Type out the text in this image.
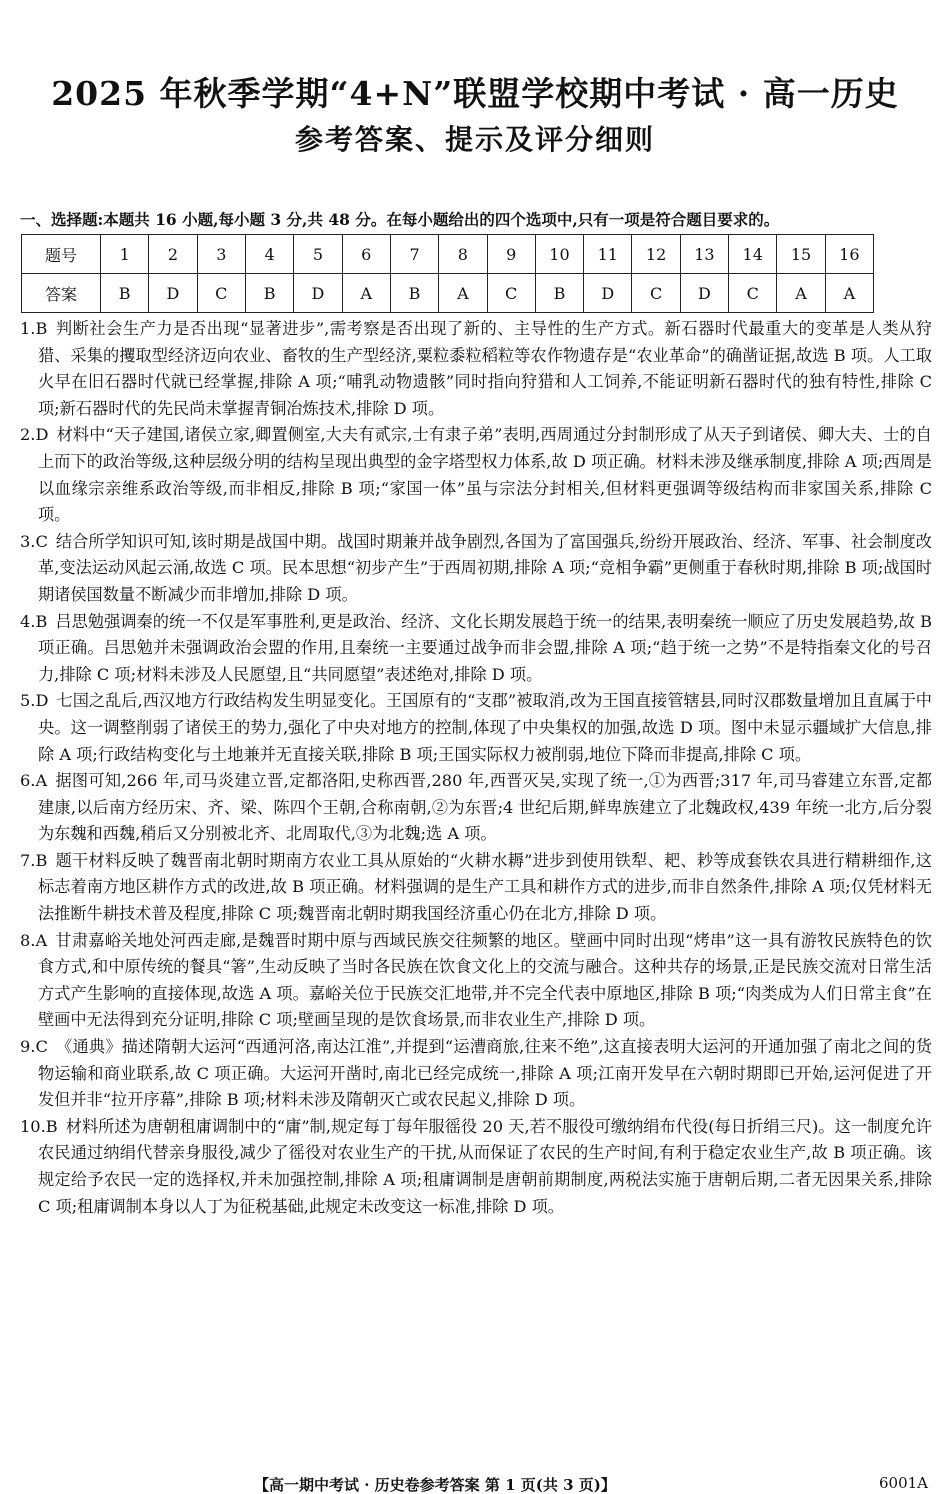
2025 年秋季学期“4+N”联盟学校期中考试 · 高一历史
参考答案、提示及评分细则
一、选择题:本题共 16 小题,每小题 3 分,共 48 分。在每小题给出的四个选项中,只有一项是符合题目要求的。
题号	1	2	3	4	5	6	7	8	9	10	11	12	13	14	15	16
答案	B	D	C	B	D	A	B	A	C	B	D	C	D	C	A	A
1.B 判断社会生产力是否出现“显著进步”,需考察是否出现了新的、主导性的生产方式。新石器时代最重大的变革是人类从狩猎、采集的攫取型经济迈向农业、畜牧的生产型经济,粟粒黍粒稻粒等农作物遗存是“农业革命”的确凿证据,故选 B 项。人工取火早在旧石器时代就已经掌握,排除 A 项;“哺乳动物遗骸”同时指向狩猎和人工饲养,不能证明新石器时代的独有特性,排除 C 项;新石器时代的先民尚未掌握青铜冶炼技术,排除 D 项。
2.D 材料中“天子建国,诸侯立家,卿置侧室,大夫有贰宗,士有隶子弟”表明,西周通过分封制形成了从天子到诸侯、卿大夫、士的自上而下的政治等级,这种层级分明的结构呈现出典型的金字塔型权力体系,故 D 项正确。材料未涉及继承制度,排除 A 项;西周是以血缘宗亲维系政治等级,而非相反,排除 B 项;“家国一体”虽与宗法分封相关,但材料更强调等级结构而非家国关系,排除 C 项。
3.C 结合所学知识可知,该时期是战国中期。战国时期兼并战争剧烈,各国为了富国强兵,纷纷开展政治、经济、军事、社会制度改革,变法运动风起云涌,故选 C 项。民本思想“初步产生”于西周初期,排除 A 项;“竞相争霸”更侧重于春秋时期,排除 B 项;战国时期诸侯国数量不断减少而非增加,排除 D 项。
4.B 吕思勉强调秦的统一不仅是军事胜利,更是政治、经济、文化长期发展趋于统一的结果,表明秦统一顺应了历史发展趋势,故 B 项正确。吕思勉并未强调政治会盟的作用,且秦统一主要通过战争而非会盟,排除 A 项;“趋于统一之势”不是特指秦文化的号召力,排除 C 项;材料未涉及人民愿望,且“共同愿望”表述绝对,排除 D 项。
5.D 七国之乱后,西汉地方行政结构发生明显变化。王国原有的“支郡”被取消,改为王国直接管辖县,同时汉郡数量增加且直属于中央。这一调整削弱了诸侯王的势力,强化了中央对地方的控制,体现了中央集权的加强,故选 D 项。图中未显示疆域扩大信息,排除 A 项;行政结构变化与土地兼并无直接关联,排除 B 项;王国实际权力被削弱,地位下降而非提高,排除 C 项。
6.A 据图可知,266 年,司马炎建立晋,定都洛阳,史称西晋,280 年,西晋灭吴,实现了统一,①为西晋;317 年,司马睿建立东晋,定都建康,以后南方经历宋、齐、梁、陈四个王朝,合称南朝,②为东晋;4 世纪后期,鲜卑族建立了北魏政权,439 年统一北方,后分裂为东魏和西魏,稍后又分别被北齐、北周取代,③为北魏;选 A 项。
7.B 题干材料反映了魏晋南北朝时期南方农业工具从原始的“火耕水耨”进步到使用铁犁、耙、耖等成套铁农具进行精耕细作,这标志着南方地区耕作方式的改进,故 B 项正确。材料强调的是生产工具和耕作方式的进步,而非自然条件,排除 A 项;仅凭材料无法推断牛耕技术普及程度,排除 C 项;魏晋南北朝时期我国经济重心仍在北方,排除 D 项。
8.A 甘肃嘉峪关地处河西走廊,是魏晋时期中原与西域民族交往频繁的地区。壁画中同时出现“烤串”这一具有游牧民族特色的饮食方式,和中原传统的餐具“箸”,生动反映了当时各民族在饮食文化上的交流与融合。这种共存的场景,正是民族交流对日常生活方式产生影响的直接体现,故选 A 项。嘉峪关位于民族交汇地带,并不完全代表中原地区,排除 B 项;“肉类成为人们日常主食”在壁画中无法得到充分证明,排除 C 项;壁画呈现的是饮食场景,而非农业生产,排除 D 项。
9.C 《通典》描述隋朝大运河“西通河洛,南达江淮”,并提到“运漕商旅,往来不绝”,这直接表明大运河的开通加强了南北之间的货物运输和商业联系,故 C 项正确。大运河开凿时,南北已经完成统一,排除 A 项;江南开发早在六朝时期即已开始,运河促进了开发但并非“拉开序幕”,排除 B 项;材料未涉及隋朝灭亡或农民起义,排除 D 项。
10.B 材料所述为唐朝租庸调制中的“庸”制,规定每丁每年服徭役 20 天,若不服役可缴纳绢布代役(每日折绢三尺)。这一制度允许农民通过纳绢代替亲身服役,减少了徭役对农业生产的干扰,从而保证了农民的生产时间,有利于稳定农业生产,故 B 项正确。该规定给予农民一定的选择权,并未加强控制,排除 A 项;租庸调制是唐朝前期制度,两税法实施于唐朝后期,二者无因果关系,排除 C 项;租庸调制本身以人丁为征税基础,此规定未改变这一标准,排除 D 项。
【高一期中考试 · 历史卷参考答案 第 1 页(共 3 页)】	6001A
